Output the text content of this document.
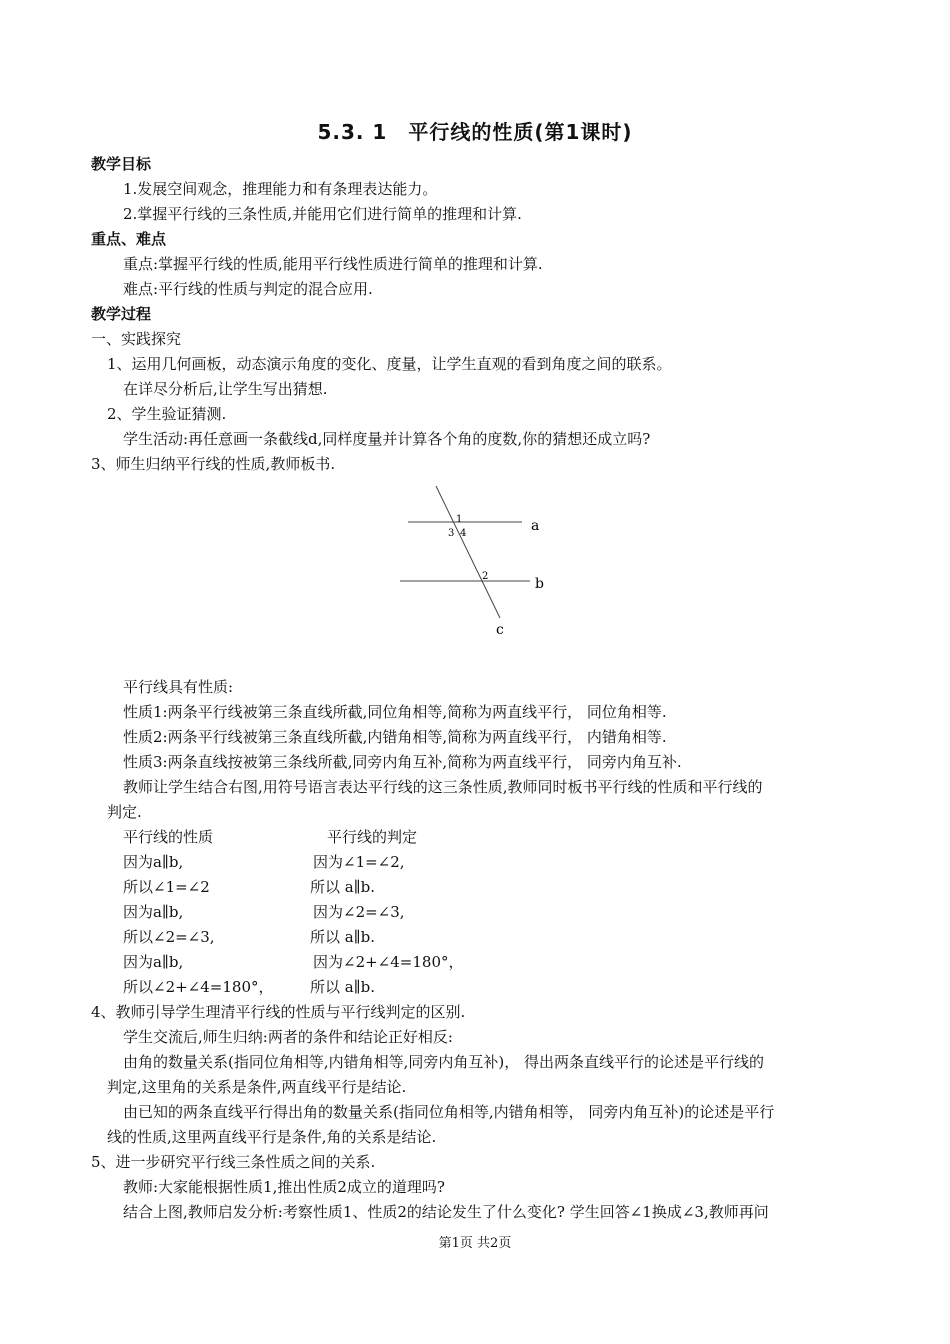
5.3. 1　平行线的性质(第1课时)
教学目标
1.发展空间观念，推理能力和有条理表达能力。
2.掌握平行线的三条性质,并能用它们进行简单的推理和计算.
重点、难点
重点:掌握平行线的性质,能用平行线性质进行简单的推理和计算.
难点:平行线的性质与判定的混合应用.
教学过程
一、实践探究
1、运用几何画板，动态演示角度的变化、度量，让学生直观的看到角度之间的联系。
在详尽分析后,让学生写出猜想.
2、学生验证猜测.
学生活动:再任意画一条截线d,同样度量并计算各个角的度数,你的猜想还成立吗?
3、师生归纳平行线的性质,教师板书.
1
3 4
2
a
b
c
平行线具有性质:
性质1:两条平行线被第三条直线所截,同位角相等,简称为两直线平行， 同位角相等.
性质2:两条平行线被第三条直线所截,内错角相等,简称为两直线平行， 内错角相等.
性质3:两条直线按被第三条线所截,同旁内角互补,简称为两直线平行， 同旁内角互补.
教师让学生结合右图,用符号语言表达平行线的这三条性质,教师同时板书平行线的性质和平行线的
判定.
平行线的性质	平行线的判定
因为a∥b,	因为∠1=∠2,
所以∠1=∠2	所以 a∥b.
因为a∥b,	因为∠2=∠3,
所以∠2=∠3,	所以 a∥b.
因为a∥b,	因为∠2+∠4=180°，
所以∠2+∠4=180°， 所以 a∥b.
4、教师引导学生理清平行线的性质与平行线判定的区别.
学生交流后,师生归纳:两者的条件和结论正好相反:
由角的数量关系(指同位角相等,内错角相等,同旁内角互补)， 得出两条直线平行的论述是平行线的
判定,这里角的关系是条件,两直线平行是结论.
由已知的两条直线平行得出角的数量关系(指同位角相等,内错角相等， 同旁内角互补)的论述是平行
线的性质,这里两直线平行是条件,角的关系是结论.
5、进一步研究平行线三条性质之间的关系.
教师:大家能根据性质1,推出性质2成立的道理吗?
结合上图,教师启发分析:考察性质1、性质2的结论发生了什么变化? 学生回答∠1换成∠3,教师再问
第1页 共2页
